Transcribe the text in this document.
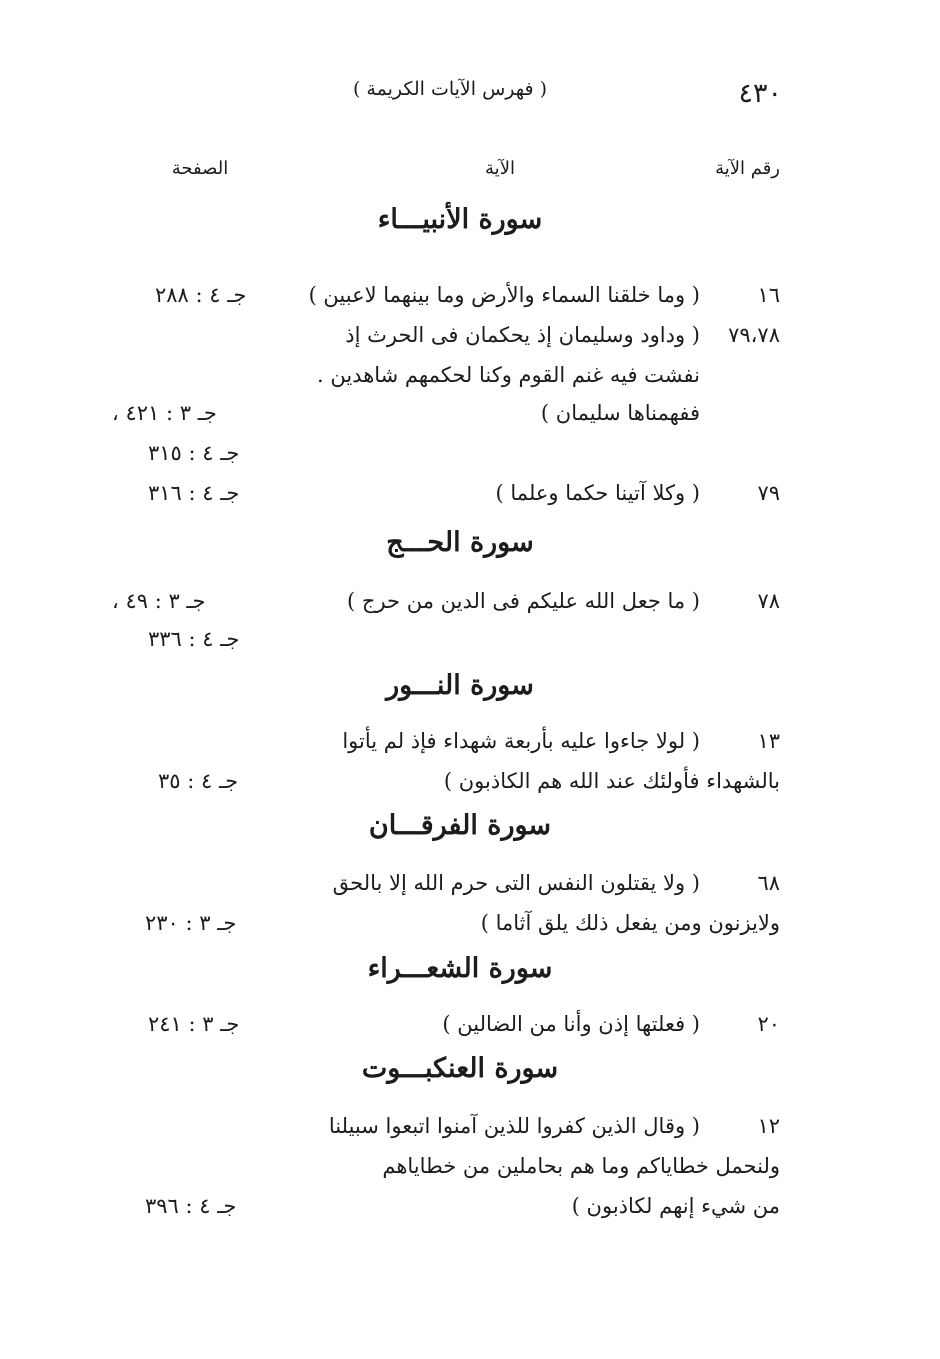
٤٣٠
( فهرس الآيات الكريمة )
رقم الآية
الآية
الصفحة
سورة الأنبيـــاء
١٦
( وما خلقنا السماء والأرض وما بينهما لاعبين )
جـ ٤ : ٢٨٨
٧٩،٧٨
( وداود وسليمان إذ يحكمان فى الحرث إذ
نفشت فيه غنم القوم وكنا لحكمهم شاهدين .
ففهمناها سليمان )
جـ ٣ : ٤٢١ ،
جـ ٤ : ٣١٥
٧٩
( وكلا آتينا حكما وعلما )
جـ ٤ : ٣١٦
سورة الحـــج
٧٨
( ما جعل الله عليكم فى الدين من حرج )
جـ ٣ : ٤٩ ،
جـ ٤ : ٣٣٦
سورة النـــور
١٣
( لولا جاءوا عليه بأربعة شهداء فإذ لم يأتوا
بالشهداء فأولئك عند الله هم الكاذبون )
جـ ٤ : ٣٥
سورة الفرقـــان
٦٨
( ولا يقتلون النفس التى حرم الله إلا بالحق
ولايزنون ومن يفعل ذلك يلق آثاما )
جـ ٣ : ٢٣٠
سورة الشعـــراء
٢٠
( فعلتها إذن وأنا من الضالين )
جـ ٣ : ٢٤١
سورة العنكبـــوت
١٢
( وقال الذين كفروا للذين آمنوا اتبعوا سبيلنا
ولنحمل خطاياكم وما هم بحاملين من خطاياهم
من شيء إنهم لكاذبون )
جـ ٤ : ٣٩٦
